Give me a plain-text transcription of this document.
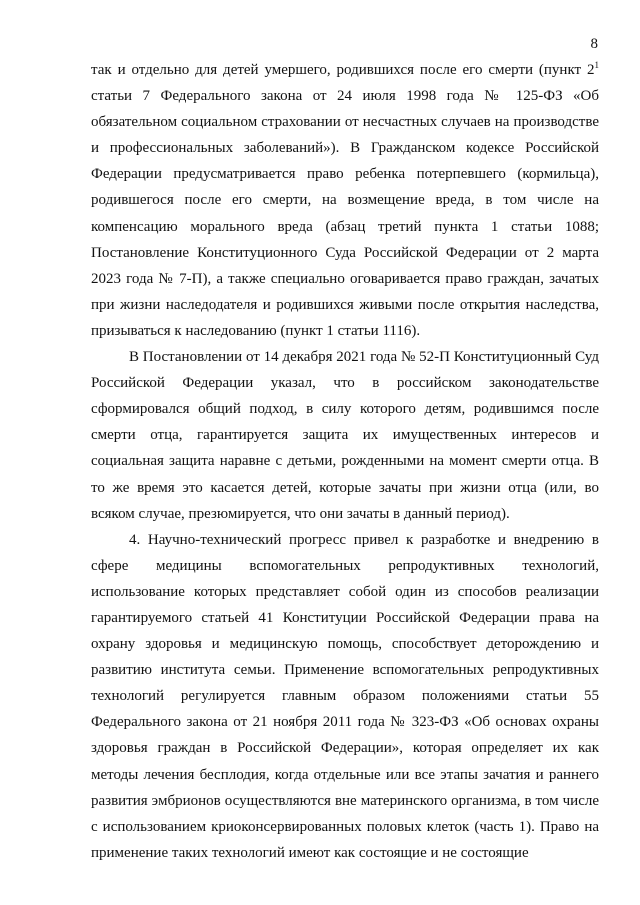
8

так и отдельно для детей умершего, родившихся после его смерти (пункт $2^1$ статьи 7 Федерального закона от 24 июля 1998 года № 125-ФЗ «Об обязательном социальном страховании от несчастных случаев на производстве и профессиональных заболеваний»). В Гражданском кодексе Российской Федерации предусматривается право ребенка потерпевшего (кормильца), родившегося после его смерти, на возмещение вреда, в том числе на компенсацию морального вреда (абзац третий пункта 1 статьи 1088; Постановление Конституционного Суда Российской Федерации от 2 марта 2023 года № 7-П), а также специально оговаривается право граждан, зачатых при жизни наследодателя и родившихся живыми после открытия наследства, призываться к наследованию (пункт 1 статьи 1116).

В Постановлении от 14 декабря 2021 года № 52-П Конституционный Суд Российской Федерации указал, что в российском законодательстве сформировался общий подход, в силу которого детям, родившимся после смерти отца, гарантируется защита их имущественных интересов и социальная защита наравне с детьми, рожденными на момент смерти отца. В то же время это касается детей, которые зачаты при жизни отца (или, во всяком случае, презюмируется, что они зачаты в данный период).

4. Научно-технический прогресс привел к разработке и внедрению в сфере медицины вспомогательных репродуктивных технологий, использование которых представляет собой один из способов реализации гарантируемого статьей 41 Конституции Российской Федерации права на охрану здоровья и медицинскую помощь, способствует деторождению и развитию института семьи. Применение вспомогательных репродуктивных технологий регулируется главным образом положениями статьи 55 Федерального закона от 21 ноября 2011 года № 323-ФЗ «Об основах охраны здоровья граждан в Российской Федерации», которая определяет их как методы лечения бесплодия, когда отдельные или все этапы зачатия и раннего развития эмбрионов осуществляются вне материнского организма, в том числе с использованием криоконсервированных половых клеток (часть 1). Право на применение таких технологий имеют как состоящие и не состоящие
